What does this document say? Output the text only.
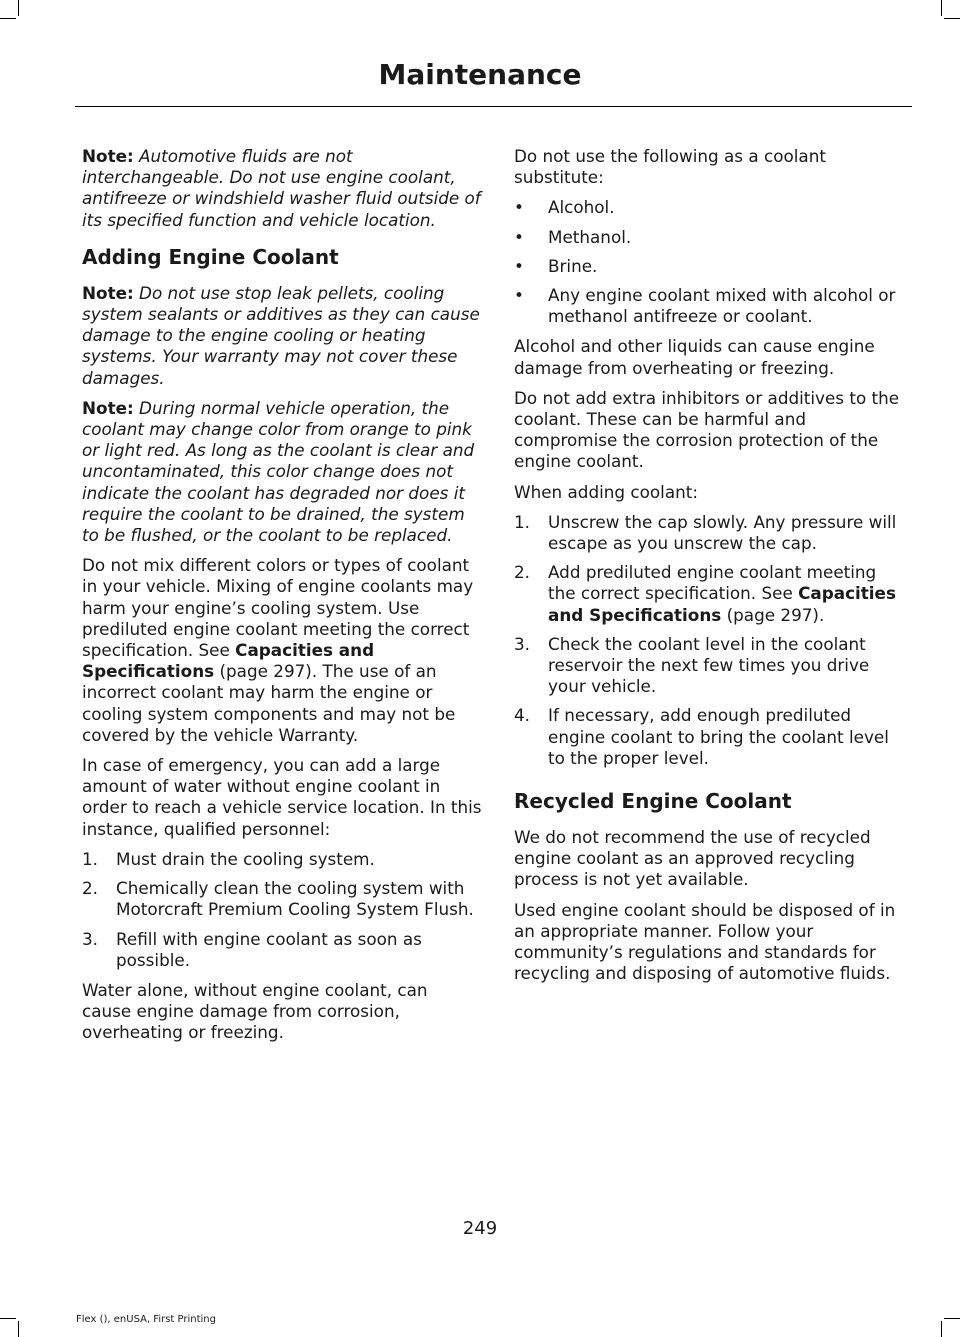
Maintenance

Note: Automotive fluids are not interchangeable. Do not use engine coolant, antifreeze or windshield washer fluid outside of its specified function and vehicle location.

Adding Engine Coolant

Note: Do not use stop leak pellets, cooling system sealants or additives as they can cause damage to the engine cooling or heating systems. Your warranty may not cover these damages.

Note: During normal vehicle operation, the coolant may change color from orange to pink or light red. As long as the coolant is clear and uncontaminated, this color change does not indicate the coolant has degraded nor does it require the coolant to be drained, the system to be flushed, or the coolant to be replaced.

Do not mix different colors or types of coolant in your vehicle. Mixing of engine coolants may harm your engine’s cooling system. Use prediluted engine coolant meeting the correct specification. See Capacities and Specifications (page 297). The use of an incorrect coolant may harm the engine or cooling system components and may not be covered by the vehicle Warranty.

In case of emergency, you can add a large amount of water without engine coolant in order to reach a vehicle service location. In this instance, qualified personnel:

1. Must drain the cooling system.
2. Chemically clean the cooling system with Motorcraft Premium Cooling System Flush.
3. Refill with engine coolant as soon as possible.

Water alone, without engine coolant, can cause engine damage from corrosion, overheating or freezing.

Do not use the following as a coolant substitute:

• Alcohol.
• Methanol.
• Brine.
• Any engine coolant mixed with alcohol or methanol antifreeze or coolant.

Alcohol and other liquids can cause engine damage from overheating or freezing.

Do not add extra inhibitors or additives to the coolant. These can be harmful and compromise the corrosion protection of the engine coolant.

When adding coolant:

1. Unscrew the cap slowly. Any pressure will escape as you unscrew the cap.
2. Add prediluted engine coolant meeting the correct specification. See Capacities and Specifications (page 297).
3. Check the coolant level in the coolant reservoir the next few times you drive your vehicle.
4. If necessary, add enough prediluted engine coolant to bring the coolant level to the proper level.
Recycled Engine Coolant

We do not recommend the use of recycled engine coolant as an approved recycling process is not yet available.

Used engine coolant should be disposed of in an appropriate manner. Follow your community’s regulations and standards for recycling and disposing of automotive fluids.

249
Flex (), enUSA, First Printing
